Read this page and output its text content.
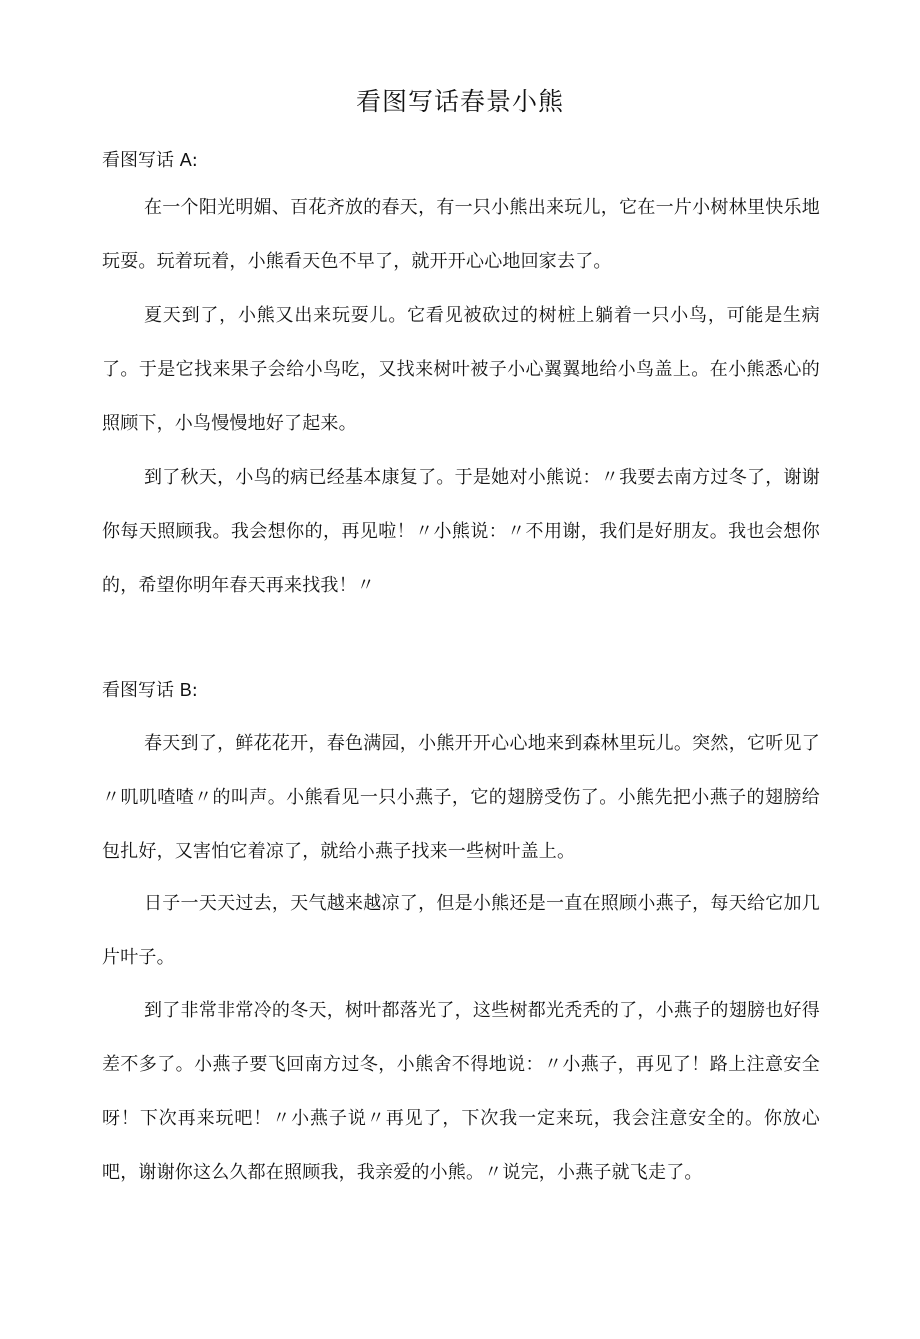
看图写话春景小熊
看图写话 A:

在一个阳光明媚、百花齐放的春天，有一只小熊出来玩儿，它在一片小树林里快乐地玩耍。玩着玩着，小熊看天色不早了，就开开心心地回家去了。

夏天到了，小熊又出来玩耍儿。它看见被砍过的树桩上躺着一只小鸟，可能是生病了。于是它找来果子会给小鸟吃，又找来树叶被子小心翼翼地给小鸟盖上。在小熊悉心的照顾下，小鸟慢慢地好了起来。

到了秋天，小鸟的病已经基本康复了。于是她对小熊说：〃我要去南方过冬了，谢谢你每天照顾我。我会想你的，再见啦！〃小熊说：〃不用谢，我们是好朋友。我也会想你的，希望你明年春天再来找我！〃

看图写话 B:

春天到了，鲜花花开，春色满园，小熊开开心心地来到森林里玩儿。突然，它听见了〃叽叽喳喳〃的叫声。小熊看见一只小燕子，它的翅膀受伤了。小熊先把小燕子的翅膀给包扎好，又害怕它着凉了，就给小燕子找来一些树叶盖上。

日子一天天过去，天气越来越凉了，但是小熊还是一直在照顾小燕子，每天给它加几片叶子。

到了非常非常冷的冬天，树叶都落光了，这些树都光秃秃的了，小燕子的翅膀也好得差不多了。小燕子要飞回南方过冬，小熊舍不得地说：〃小燕子，再见了！路上注意安全呀！下次再来玩吧！〃小燕子说〃再见了，下次我一定来玩，我会注意安全的。你放心吧，谢谢你这么久都在照顾我，我亲爱的小熊。〃说完，小燕子就飞走了。
